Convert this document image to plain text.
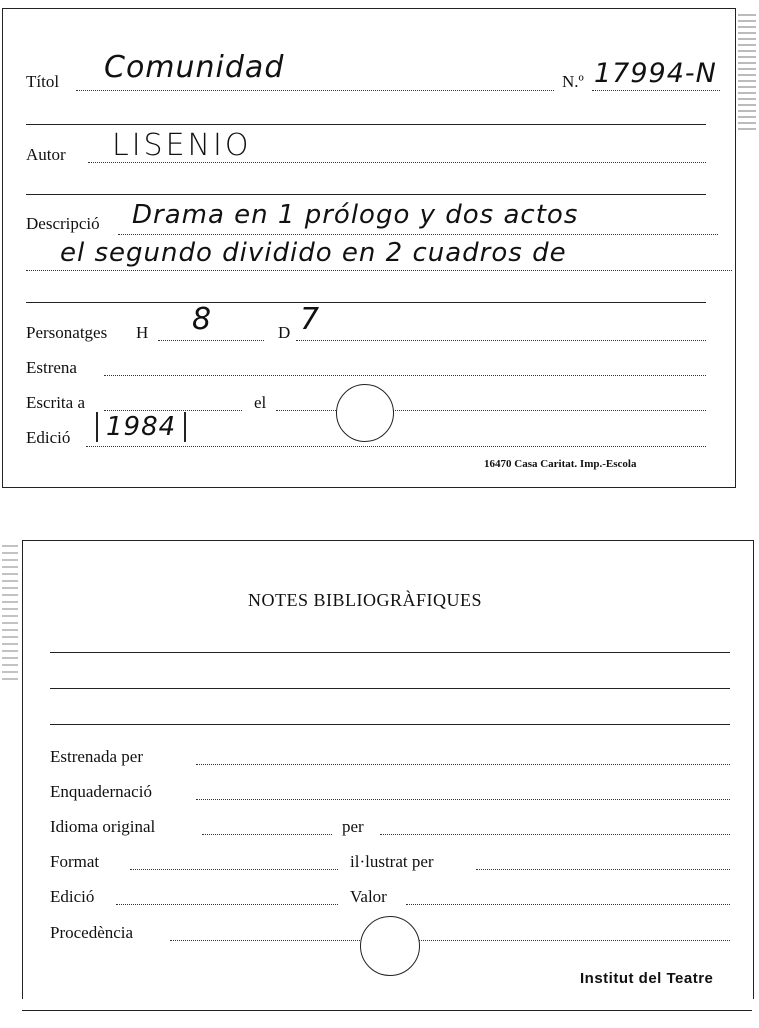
Títol Comunidad	N.º 17994-N
Autor LISENIO
Descripció Drama en 1 prólogo y dos actos
el segundo dividido en 2 cuadros de
Personatges H 8	D 7
Estrena
Escrita a	el
Edició	1984
16470 Casa Caritat. Imp.-Escola
NOTES BIBLIOGRÀFIQUES
Estrenada per
Enquadernació
Idioma original	per
Format	il·lustrat per
Edició	Valor
Procedència
Institut del Teatre
